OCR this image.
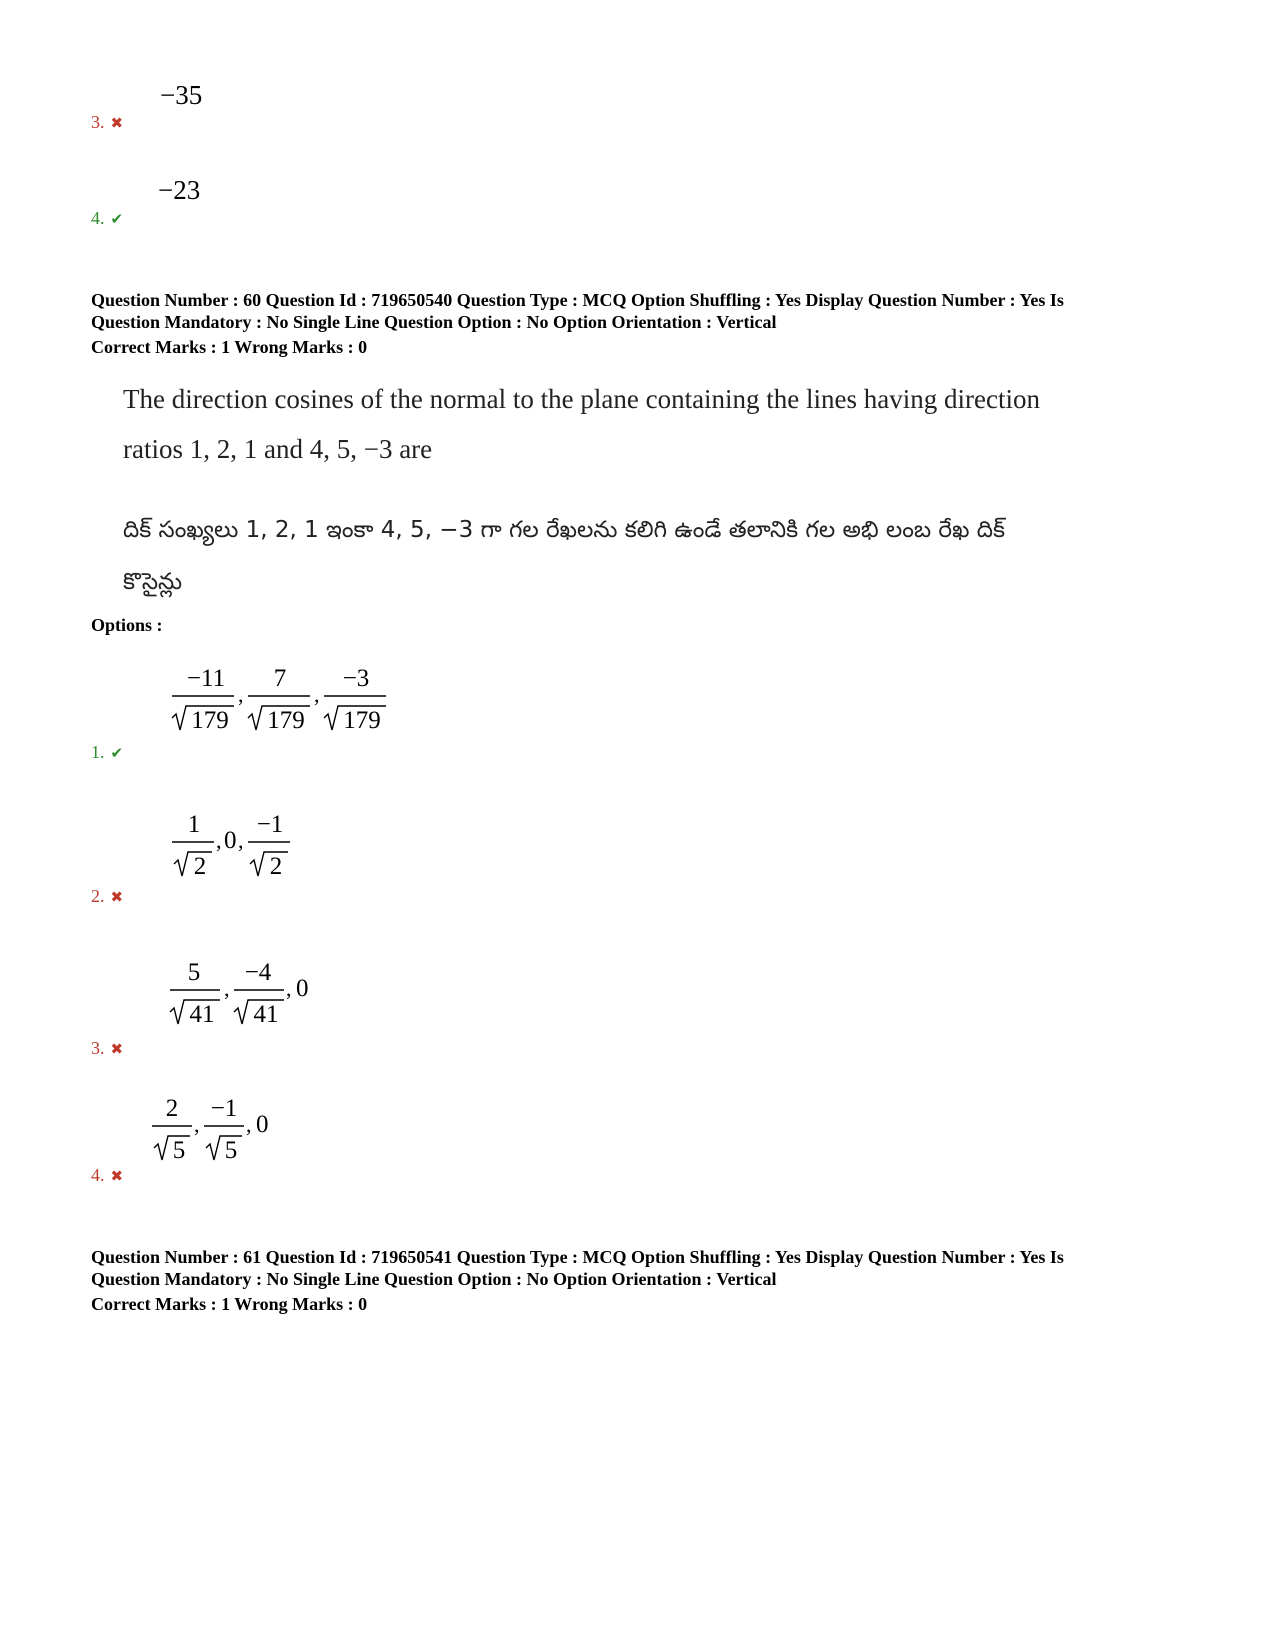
−35
3. ✖
−23
4. ✔
Question Number : 60 Question Id : 719650540 Question Type : MCQ Option Shuffling : Yes Display Question Number : Yes Is
Question Mandatory : No Single Line Question Option : No Option Orientation : Vertical
Correct Marks : 1 Wrong Marks : 0
The direction cosines of the normal to the plane containing the lines having direction
ratios 1, 2, 1 and 4, 5, −3 are
దిక్ సంఖ్యలు 1, 2, 1 ఇంకా 4, 5, −3 గా గల రేఖలను కలిగి ఉండే తలానికి గల అభి లంబ రేఖ దిక్
కొసైన్లు
Options :
−11
179
,
7
179
,
−3
179
1. ✔
1
2
, 0 ,
−1
2
2. ✖
5
41
,
−4
41
, 0
3. ✖
2
5
,
−1
5
, 0
4. ✖
Question Number : 61 Question Id : 719650541 Question Type : MCQ Option Shuffling : Yes Display Question Number : Yes Is
Question Mandatory : No Single Line Question Option : No Option Orientation : Vertical
Correct Marks : 1 Wrong Marks : 0
